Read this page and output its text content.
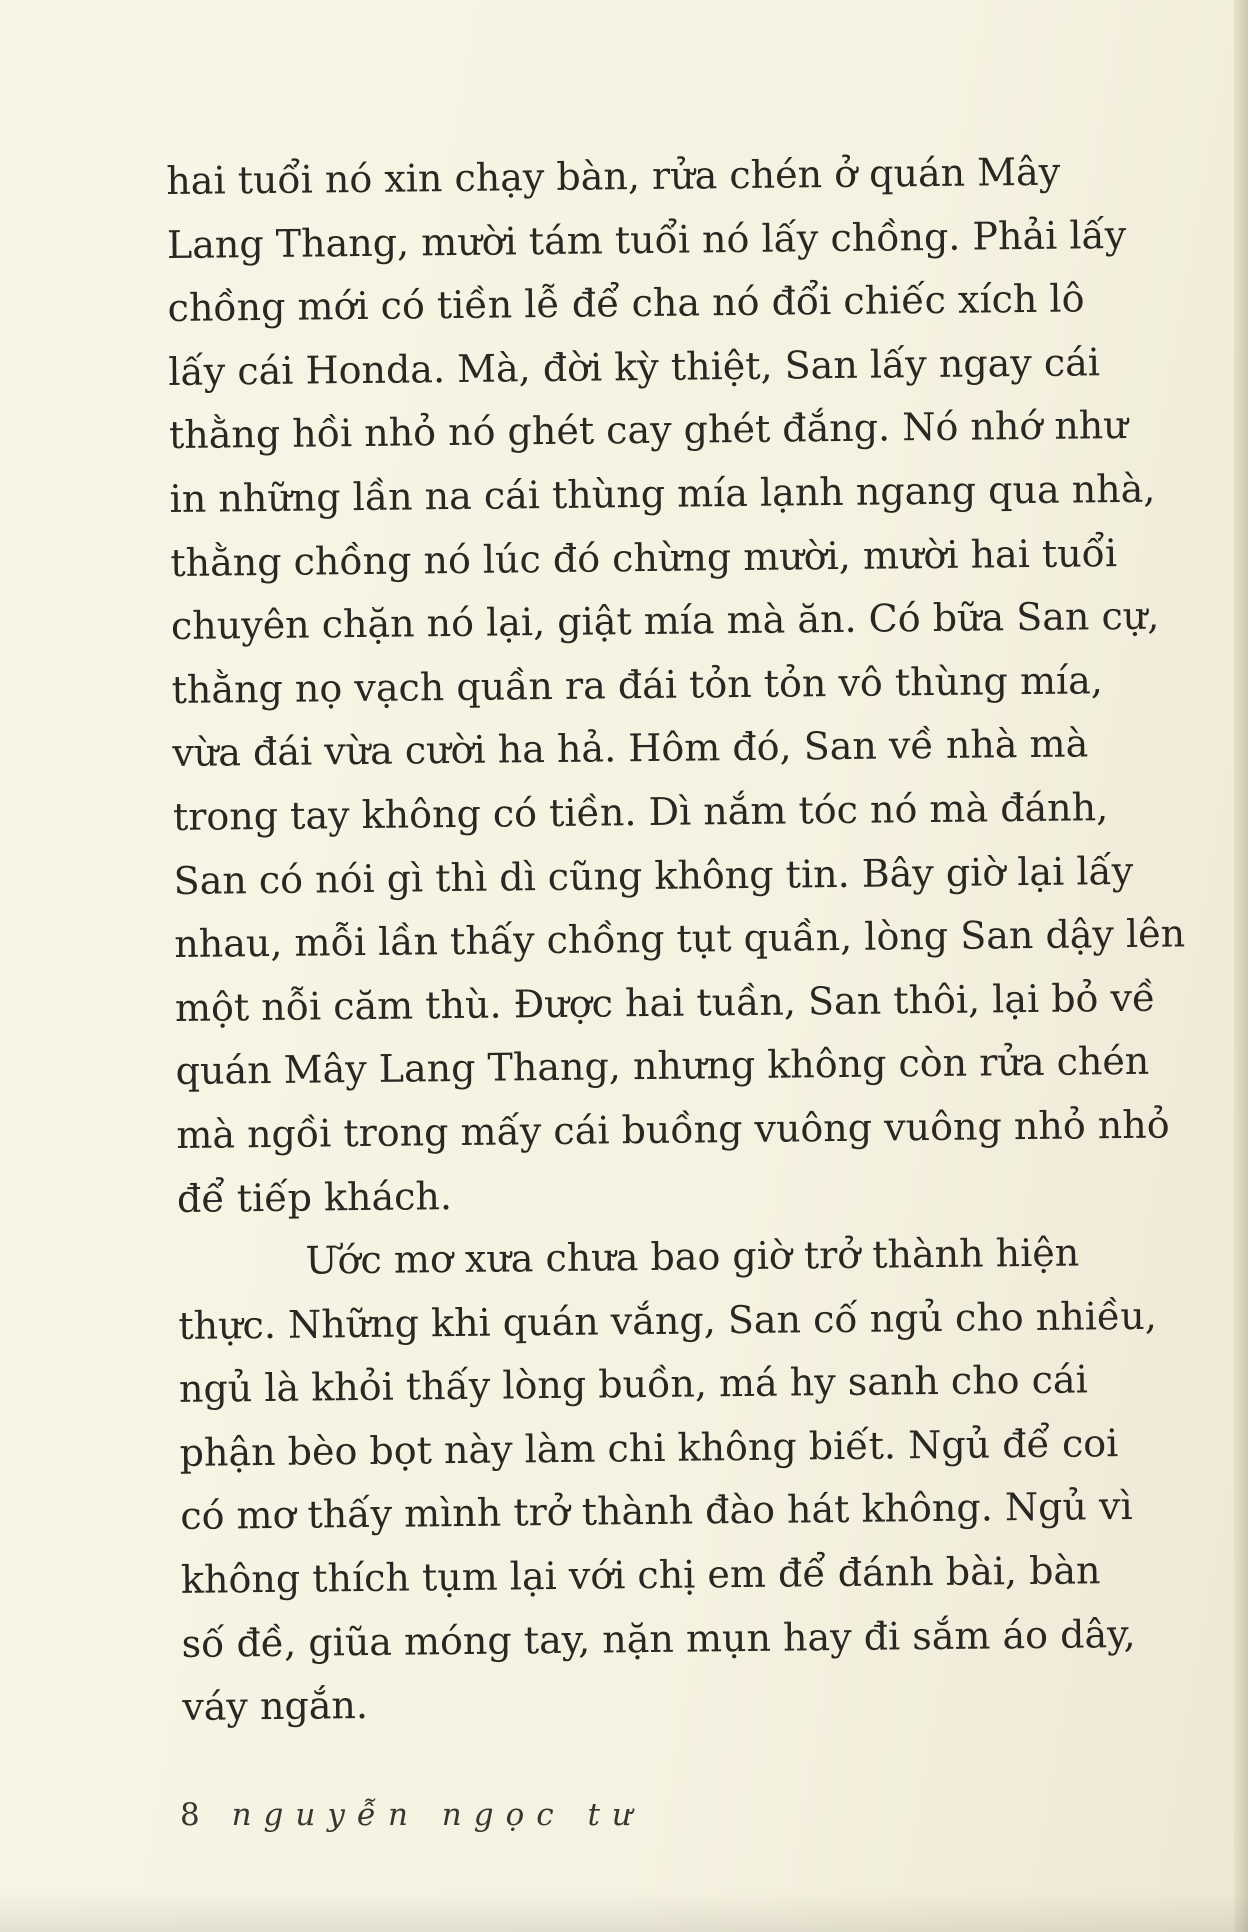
hai tuổi nó xin chạy bàn, rửa chén ở quán Mây
Lang Thang, mười tám tuổi nó lấy chồng. Phải lấy
chồng mới có tiền lễ để cha nó đổi chiếc xích lô
lấy cái Honda. Mà, đời kỳ thiệt, San lấy ngay cái
thằng hồi nhỏ nó ghét cay ghét đắng. Nó nhớ như
in những lần na cái thùng mía lạnh ngang qua nhà,
thằng chồng nó lúc đó chừng mười, mười hai tuổi
chuyên chặn nó lại, giật mía mà ăn. Có bữa San cự,
thằng nọ vạch quần ra đái tỏn tỏn vô thùng mía,
vừa đái vừa cười ha hả. Hôm đó, San về nhà mà
trong tay không có tiền. Dì nắm tóc nó mà đánh,
San có nói gì thì dì cũng không tin. Bây giờ lại lấy
nhau, mỗi lần thấy chồng tụt quần, lòng San dậy lên
một nỗi căm thù. Được hai tuần, San thôi, lại bỏ về
quán Mây Lang Thang, nhưng không còn rửa chén
mà ngồi trong mấy cái buồng vuông vuông nhỏ nhỏ
để tiếp khách.
Ước mơ xưa chưa bao giờ trở thành hiện
thực. Những khi quán vắng, San cố ngủ cho nhiều,
ngủ là khỏi thấy lòng buồn, má hy sanh cho cái
phận bèo bọt này làm chi không biết. Ngủ để coi
có mơ thấy mình trở thành đào hát không. Ngủ vì
không thích tụm lại với chị em để đánh bài, bàn
số đề, giũa móng tay, nặn mụn hay đi sắm áo dây,
váy ngắn.
8 nguyễn ngọc tư
